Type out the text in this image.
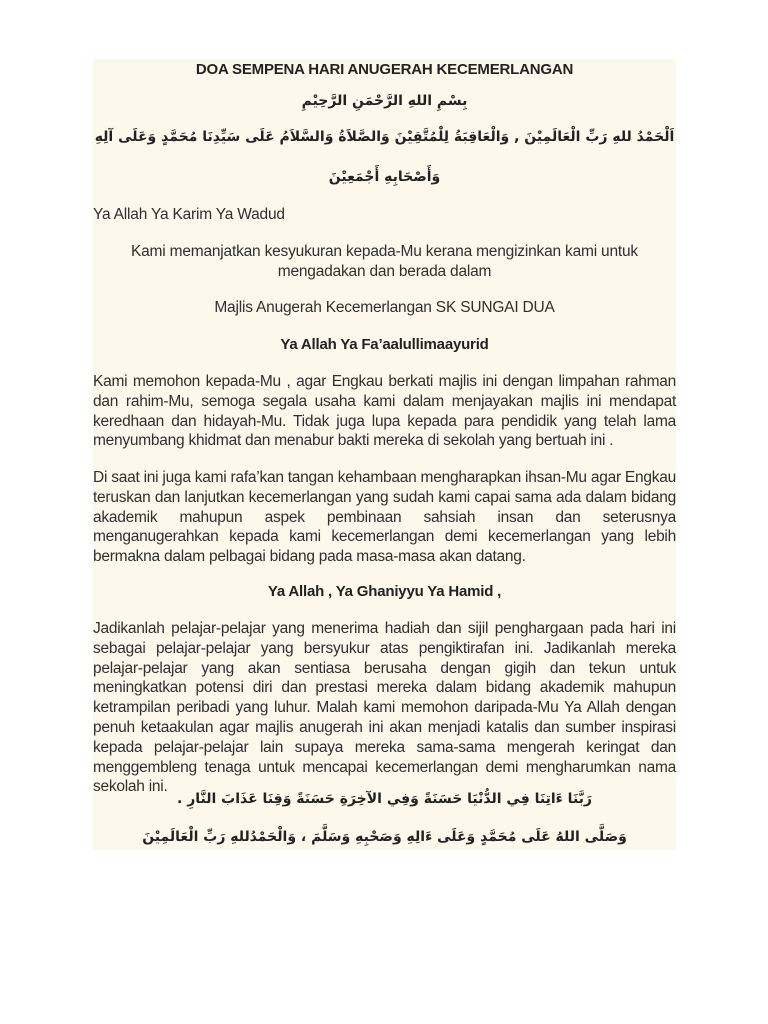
DOA SEMPENA HARI ANUGERAH KECEMERLANGAN
بِسْمِ اللهِ الرَّحْمَنِ الرَّحِيْمِ
اَلْحَمْدُ للهِ رَبِّ الْعَالَمِيْنَ , وَالْعَاقِبَةُ لِلْمُتَّقِيْنَ وَالصَّلاَةُ وَالسَّلاَمُ عَلَى سَيِّدِنَا مُحَمَّدٍ وَعَلَى آلِهِ
وَأَصْحَابِهِ أَجْمَعِيْنَ
Ya Allah Ya Karim Ya Wadud
Kami memanjatkan kesyukuran kepada-Mu kerana mengizinkan kami untuk mengadakan dan berada dalam
Majlis Anugerah Kecemerlangan SK SUNGAI DUA
Ya Allah Ya Fa’aalullimaayurid
Kami memohon kepada-Mu , agar Engkau berkati majlis ini dengan limpahan rahman dan rahim-Mu, semoga segala usaha kami dalam menjayakan majlis ini mendapat keredhaan dan hidayah-Mu. Tidak juga lupa kepada para pendidik yang telah lama menyumbang khidmat dan menabur bakti mereka di sekolah yang bertuah ini .
Di saat ini juga kami rafa’kan tangan kehambaan mengharapkan ihsan-Mu agar Engkau teruskan dan lanjutkan kecemerlangan yang sudah kami capai sama ada dalam bidang akademik mahupun aspek pembinaan sahsiah insan dan seterusnya menganugerahkan kepada kami kecemerlangan demi kecemerlangan yang lebih bermakna dalam pelbagai bidang pada masa-masa akan datang.
Ya Allah , Ya Ghaniyyu Ya Hamid ,
Jadikanlah pelajar-pelajar yang menerima hadiah dan sijil penghargaan pada hari ini sebagai pelajar-pelajar yang bersyukur atas pengiktirafan ini. Jadikanlah mereka pelajar-pelajar yang akan sentiasa berusaha dengan gigih dan tekun untuk meningkatkan potensi diri dan prestasi mereka dalam bidang akademik mahupun ketrampilan peribadi yang luhur. Malah kami memohon daripada-Mu Ya Allah dengan penuh ketaakulan agar majlis anugerah ini akan menjadi katalis dan sumber inspirasi kepada pelajar-pelajar lain supaya mereka sama-sama mengerah keringat dan menggembleng tenaga untuk mencapai kecemerlangan demi mengharumkan nama sekolah ini.
رَبَّنَا ءَاتِنَا فِي الدُّنْيَا حَسَنَةً وَفِي الآخِرَةِ حَسَنَةً وَقِنَا عَذَابَ النَّارِ .
وَصَلَّى اللهُ عَلَى مُحَمَّدٍ وَعَلَى ءَالِهِ وَصَحْبِهِ وَسَلَّمَ ، وَالْحَمْدُللهِ رَبِّ الْعَالَمِيْنَ
